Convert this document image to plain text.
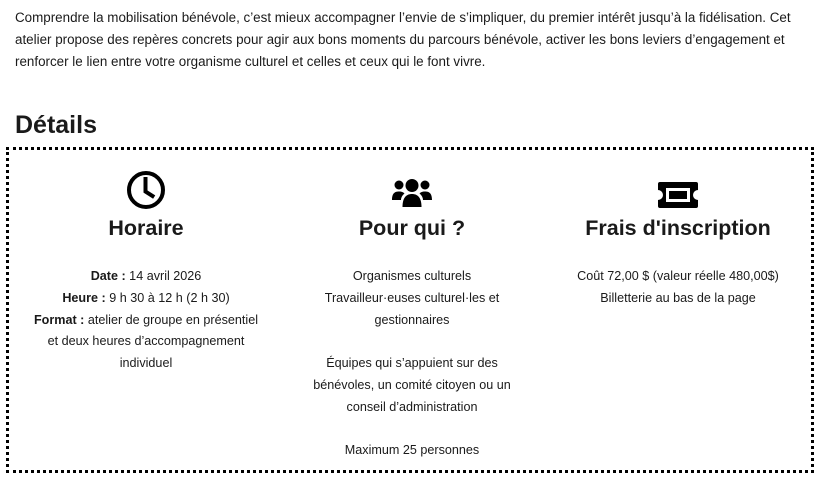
Comprendre la mobilisation bénévole, c’est mieux accompagner l’envie de s’impliquer, du premier intérêt jusqu’à la fidélisation. Cet atelier propose des repères concrets pour agir aux bons moments du parcours bénévole, activer les bons leviers d’engagement et renforcer le lien entre votre organisme culturel et celles et ceux qui le font vivre.

Détails
Horaire

Date : 14 avril 2026

Heure : 9 h 30 à 12 h (2 h 30)

Format : atelier de groupe en présentiel et deux heures d’accompagnement individuel

Pour qui ?

Organismes culturels

Travailleur·euses culturel·les et gestionnaires

Équipes qui s’appuient sur des bénévoles, un comité citoyen ou un conseil d’administration

Maximum 25 personnes

Frais d'inscription

Coût 72,00 $ (valeur réelle 480,00$)

Billetterie au bas de la page
